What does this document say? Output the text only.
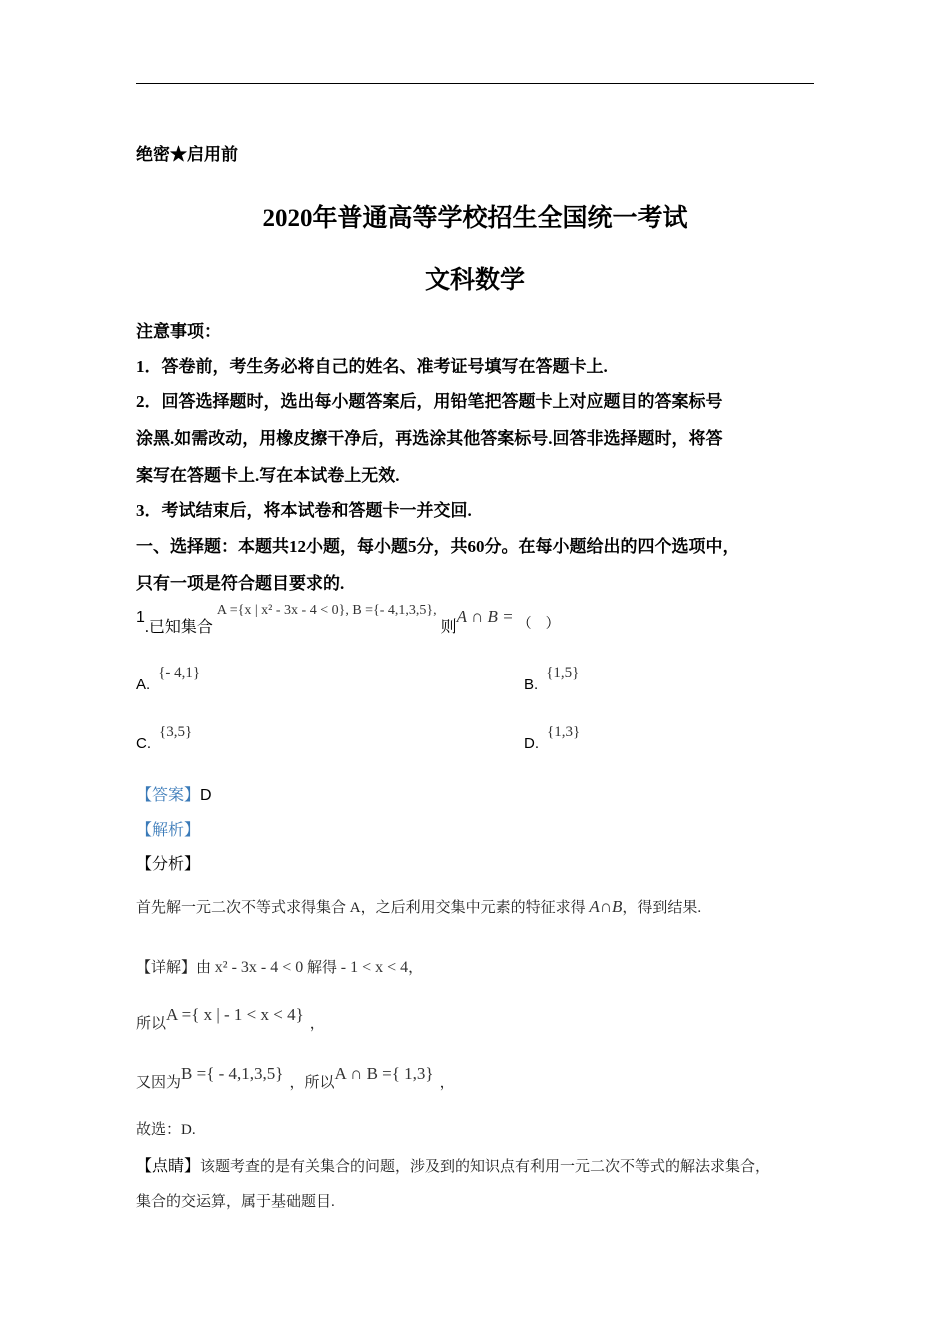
绝密★启用前
2020年普通高等学校招生全国统一考试
文科数学
注意事项：
1．答卷前，考生务必将自己的姓名、准考证号填写在答题卡上.
2．回答选择题时，选出每小题答案后，用铅笔把答题卡上对应题目的答案标号
涂黑.如需改动，用橡皮擦干净后，再选涂其他答案标号.回答非选择题时，将答
案写在答题卡上.写在本试卷上无效.
3．考试结束后，将本试卷和答题卡一并交回.
一、选择题：本题共12小题，每小题5分，共60分。在每小题给出的四个选项中，
只有一项是符合题目要求的.
1.已知集合 A ={x | x² - 3x - 4 < 0}, B ={- 4,1,3,5}, 则A ∩ B = （　）
A.{- 4,1}
B.{1,5}
C.{3,5}
D.{1,3}
【答案】D
【解析】
【分析】
首先解一元二次不等式求得集合 A，之后利用交集中元素的特征求得 A∩B，得到结果.
【详解】由 x² - 3x - 4 < 0 解得 - 1 < x < 4，
所以A ={ x | - 1 < x < 4} ，
又因为B ={ - 4,1,3,5} ，所以A ∩ B ={ 1,3} ，
故选：D.
【点睛】该题考查的是有关集合的问题，涉及到的知识点有利用一元二次不等式的解法求集合，
集合的交运算，属于基础题目.
